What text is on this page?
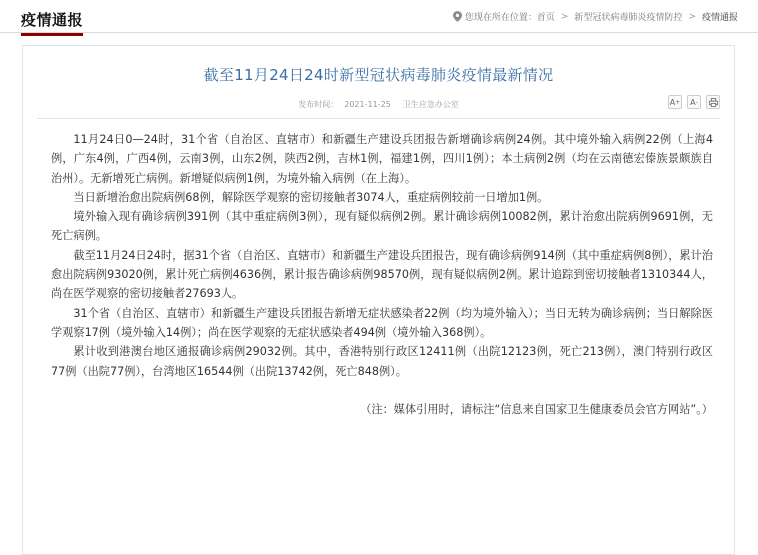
疫情通报	您现在所在位置： 首页 > 新型冠状病毒肺炎疫情防控 > 疫情通报
截至11月24日24时新型冠状病毒肺炎疫情最新情况
发布时间： 2021-11-25 卫生应急办公室	A +	A -

11月24日0—24时，31个省（自治区、直辖市）和新疆生产建设兵团报告新增确诊病例24例。其中境外输入病例22例（上海4例，广东4例，广西4例，云南3例，山东2例，陕西2例，吉林1例，福建1例，四川1例）；本土病例2例（均在云南德宏傣族景颇族自治州）。无新增死亡病例。新增疑似病例1例，为境外输入病例（在上海）。

当日新增治愈出院病例68例，解除医学观察的密切接触者3074人，重症病例较前一日增加1例。

境外输入现有确诊病例391例（其中重症病例3例），现有疑似病例2例。累计确诊病例10082例，累计治愈出院病例9691例，无死亡病例。

截至11月24日24时，据31个省（自治区、直辖市）和新疆生产建设兵团报告，现有确诊病例914例（其中重症病例8例），累计治愈出院病例93020例，累计死亡病例4636例，累计报告确诊病例98570例，现有疑似病例2例。累计追踪到密切接触者1310344人，尚在医学观察的密切接触者27693人。

31个省（自治区、直辖市）和新疆生产建设兵团报告新增无症状感染者22例（均为境外输入）；当日无转为确诊病例；当日解除医学观察17例（境外输入14例）；尚在医学观察的无症状感染者494例（境外输入368例）。

累计收到港澳台地区通报确诊病例29032例。其中，香港特别行政区12411例（出院12123例，死亡213例），澳门特别行政区77例（出院77例），台湾地区16544例（出院13742例，死亡848例）。

（注：媒体引用时，请标注“信息来自国家卫生健康委员会官方网站”。）
